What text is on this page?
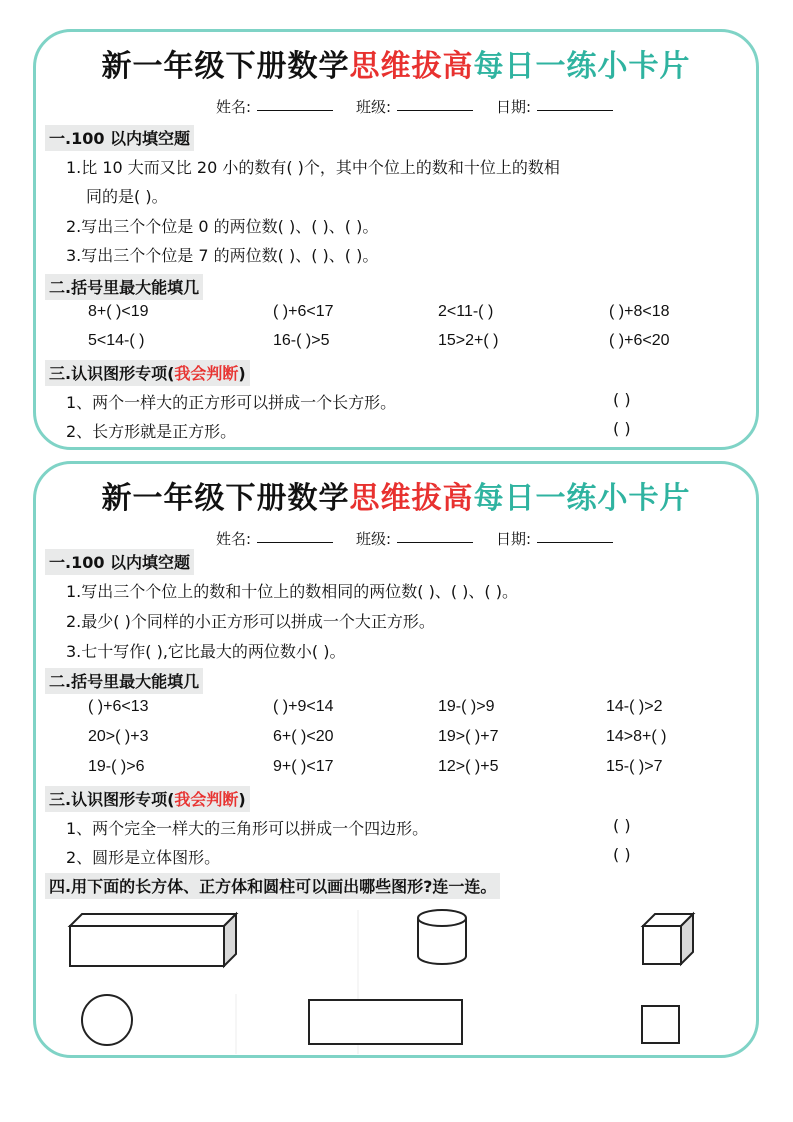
新一年级下册数学思维拔高每日一练小卡片
姓名:	班级:	日期:
一.100 以内填空题
1.比 10 大而又比 20 小的数有( )个，其中个位上的数和十位上的数相
同的是( )。
2.写出三个个位是 0 的两位数( )、( )、( )。
3.写出三个个位是 7 的两位数( )、( )、( )。
二.括号里最大能填几
8+( )<19	( )+6<17	2<11-( )	( )+8<18
5<14-( )	16-( )>5	15>2+( )	( )+6<20
三.认识图形专项(我会判断)
1、两个一样大的正方形可以拼成一个长方形。	( )
2、长方形就是正方形。	( )
新一年级下册数学思维拔高每日一练小卡片
姓名:	班级:	日期:
一.100 以内填空题
1.写出三个个位上的数和十位上的数相同的两位数( )、( )、( )。
2.最少( )个同样的小正方形可以拼成一个大正方形。
3.七十写作( ),它比最大的两位数小( )。
二.括号里最大能填几
( )+6<13	( )+9<14	19-( )>9	14-( )>2
20>( )+3	6+( )<20	19>( )+7	14>8+( )
19-( )>6	9+( )<17	12>( )+5	15-( )>7
三.认识图形专项(我会判断)
1、两个完全一样大的三角形可以拼成一个四边形。	( )
2、圆形是立体图形。	( )
四.用下面的长方体、正方体和圆柱可以画出哪些图形?连一连。
